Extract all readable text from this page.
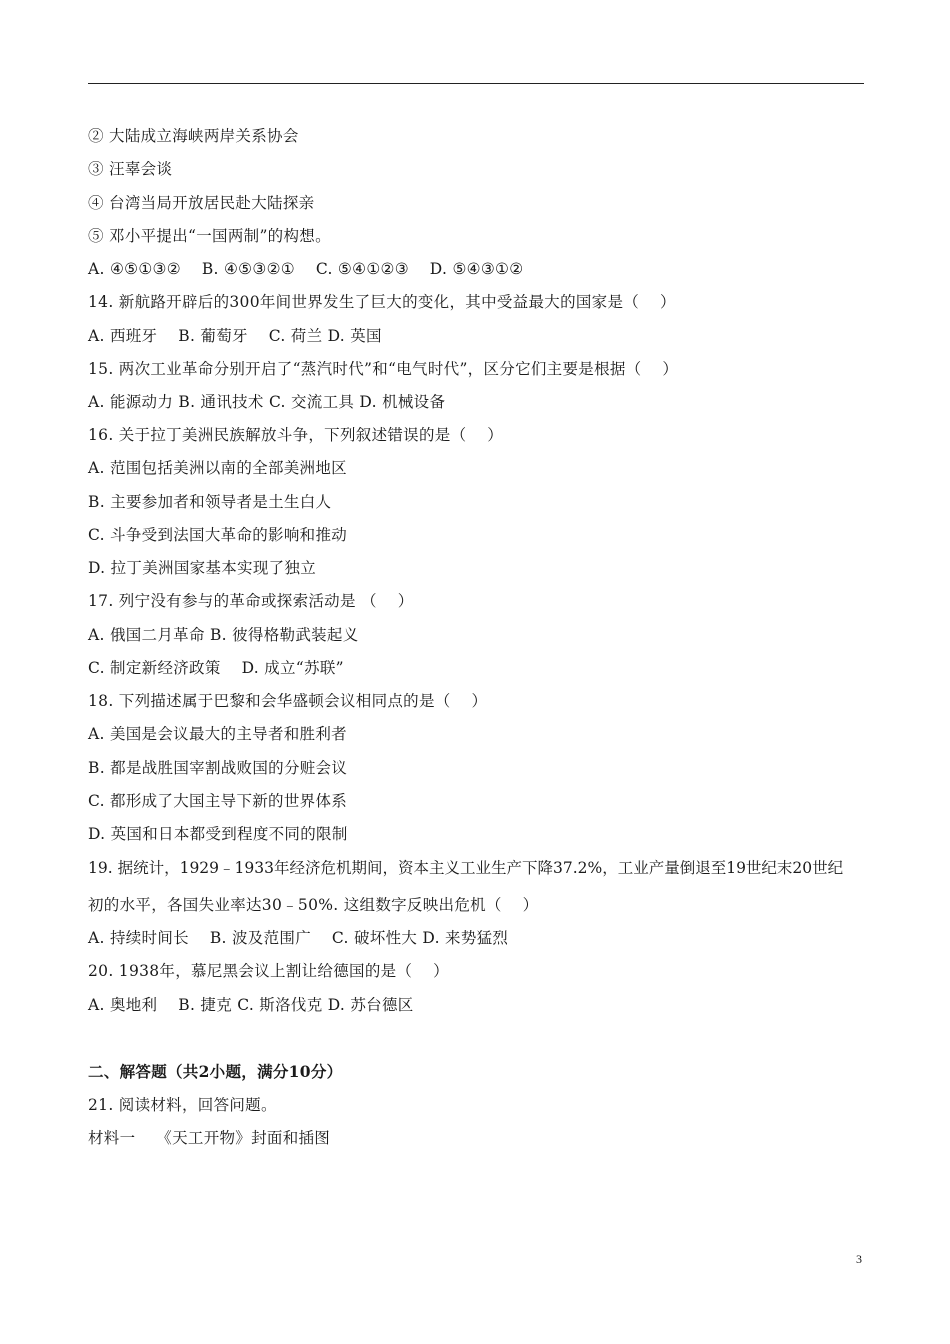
② 大陆成立海峡两岸关系协会
③ 汪辜会谈
④ 台湾当局开放居民赴大陆探亲
⑤ 邓小平提出“一国两制”的构想。
A. ④⑤①③②    B. ④⑤③②①    C. ⑤④①②③    D. ⑤④③①②
14. 新航路开辟后的300年间世界发生了巨大的变化，其中受益最大的国家是（    ）
A. 西班牙    B. 葡萄牙    C. 荷兰 D. 英国
15. 两次工业革命分别开启了“蒸汽时代”和“电气时代”，区分它们主要是根据（    ）
A. 能源动力 B. 通讯技术 C. 交流工具 D. 机械设备
16. 关于拉丁美洲民族解放斗争，下列叙述错误的是（    ）
A. 范围包括美洲以南的全部美洲地区
B. 主要参加者和领导者是土生白人
C. 斗争受到法国大革命的影响和推动
D. 拉丁美洲国家基本实现了独立
17. 列宁没有参与的革命或探索活动是 （    ）
A. 俄国二月革命 B. 彼得格勒武装起义
C. 制定新经济政策    D. 成立“苏联”
18. 下列描述属于巴黎和会华盛顿会议相同点的是（    ）
A. 美国是会议最大的主导者和胜利者
B. 都是战胜国宰割战败国的分赃会议
C. 都形成了大国主导下新的世界体系
D. 英国和日本都受到程度不同的限制
19. 据统计，1929﹣1933年经济危机期间，资本主义工业生产下降37.2%，工业产量倒退至19世纪末20世纪
初的水平，各国失业率达30﹣50%. 这组数字反映出危机（    ）
A. 持续时间长    B. 波及范围广    C. 破坏性大 D. 来势猛烈
20. 1938年，慕尼黑会议上割让给德国的是（    ）
A. 奥地利    B. 捷克 C. 斯洛伐克 D. 苏台德区
二、解答题（共2小题，满分10分）
21. 阅读材料，回答问题。
材料一    《天工开物》封面和插图
3
